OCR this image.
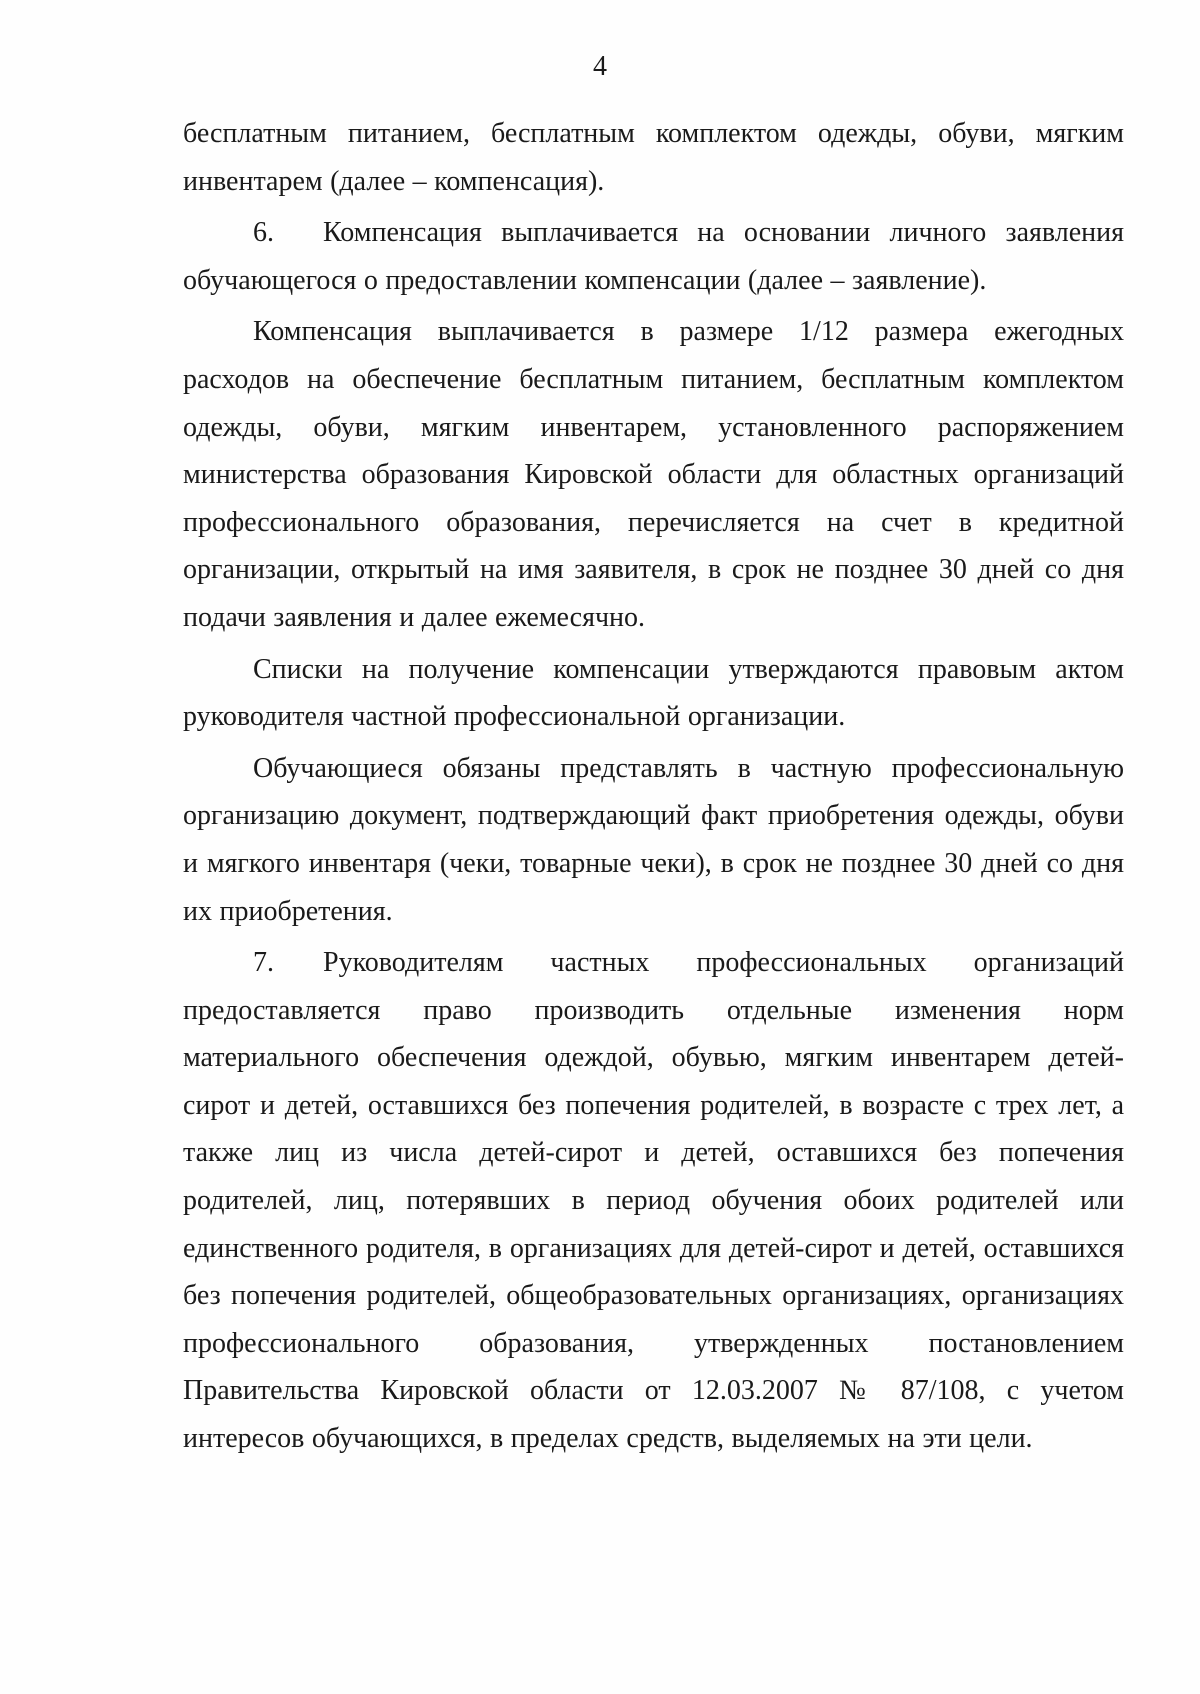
4

бесплатным питанием, бесплатным комплектом одежды, обуви, мягким инвентарем (далее – компенсация).

6. Компенсация выплачивается на основании личного заявления обучающегося о предоставлении компенсации (далее – заявление).

Компенсация выплачивается в размере 1/12 размера ежегодных расходов на обеспечение бесплатным питанием, бесплатным комплектом одежды, обуви, мягким инвентарем, установленного распоряжением министерства образования Кировской области для областных организаций профессионального образования, перечисляется на счет в кредитной организации, открытый на имя заявителя, в срок не позднее 30 дней со дня подачи заявления и далее ежемесячно.

Списки на получение компенсации утверждаются правовым актом руководителя частной профессиональной организации.

Обучающиеся обязаны представлять в частную профессиональную организацию документ, подтверждающий факт приобретения одежды, обуви и мягкого инвентаря (чеки, товарные чеки), в срок не позднее 30 дней со дня их приобретения.

7. Руководителям частных профессиональных организаций предоставляется право производить отдельные изменения норм материального обеспечения одеждой, обувью, мягким инвентарем детей-сирот и детей, оставшихся без попечения родителей, в возрасте с трех лет, а также лиц из числа детей-сирот и детей, оставшихся без попечения родителей, лиц, потерявших в период обучения обоих родителей или единственного родителя, в организациях для детей-сирот и детей, оставшихся без попечения родителей, общеобразовательных организациях, организациях профессионального образования, утвержденных постановлением Правительства Кировской области от 12.03.2007 № 87/108, с учетом интересов обучающихся, в пределах средств, выделяемых на эти цели.
